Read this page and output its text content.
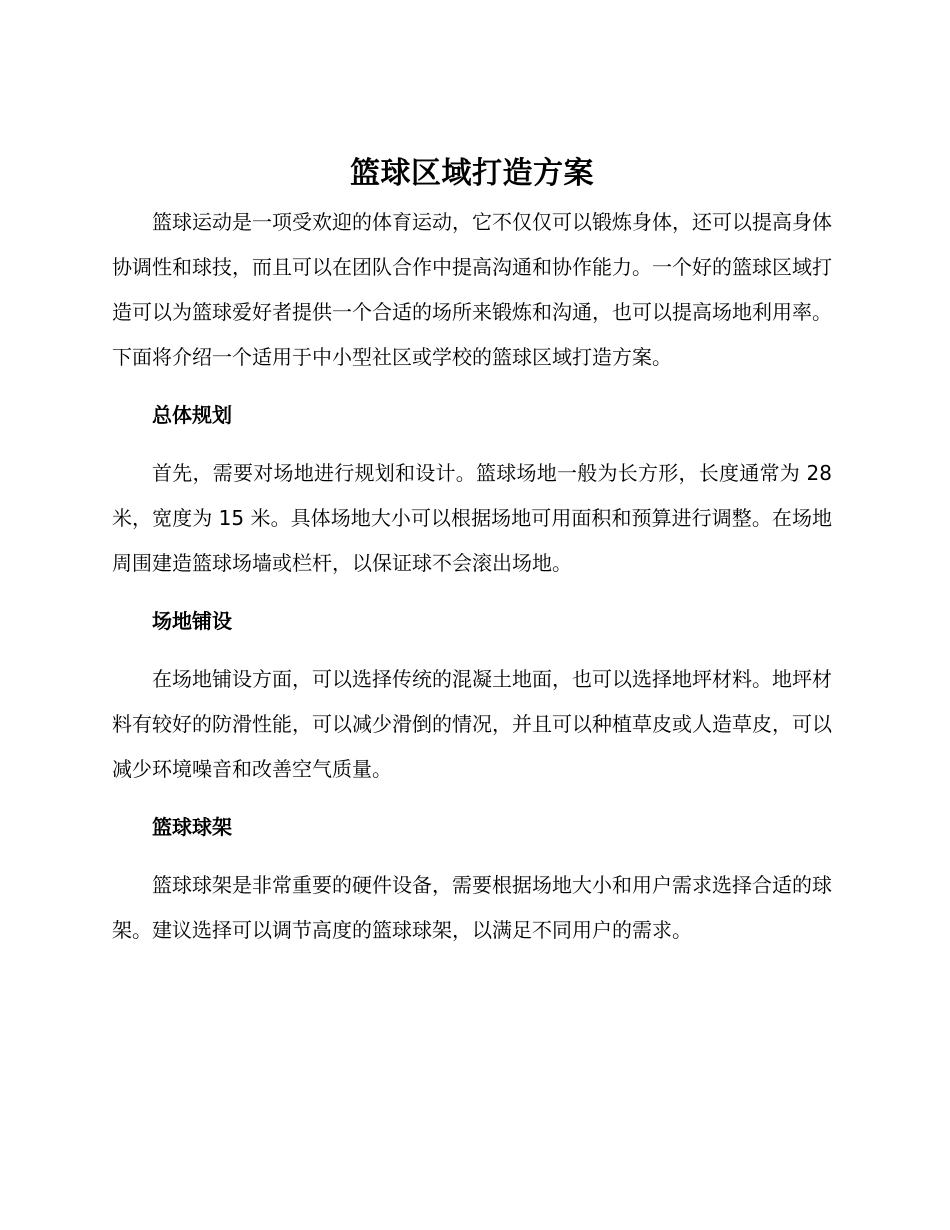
篮球区域打造方案

篮球运动是一项受欢迎的体育运动，它不仅仅可以锻炼身体，还可以提高身体协调性和球技，而且可以在团队合作中提高沟通和协作能力。一个好的篮球区域打造可以为篮球爱好者提供一个合适的场所来锻炼和沟通，也可以提高场地利用率。下面将介绍一个适用于中小型社区或学校的篮球区域打造方案。

总体规划

首先，需要对场地进行规划和设计。篮球场地一般为长方形，长度通常为 28 米，宽度为 15 米。具体场地大小可以根据场地可用面积和预算进行调整。在场地周围建造篮球场墙或栏杆，以保证球不会滚出场地。

场地铺设

在场地铺设方面，可以选择传统的混凝土地面，也可以选择地坪材料。地坪材料有较好的防滑性能，可以减少滑倒的情况，并且可以种植草皮或人造草皮，可以减少环境噪音和改善空气质量。

篮球球架

篮球球架是非常重要的硬件设备，需要根据场地大小和用户需求选择合适的球架。建议选择可以调节高度的篮球球架，以满足不同用户的需求。
